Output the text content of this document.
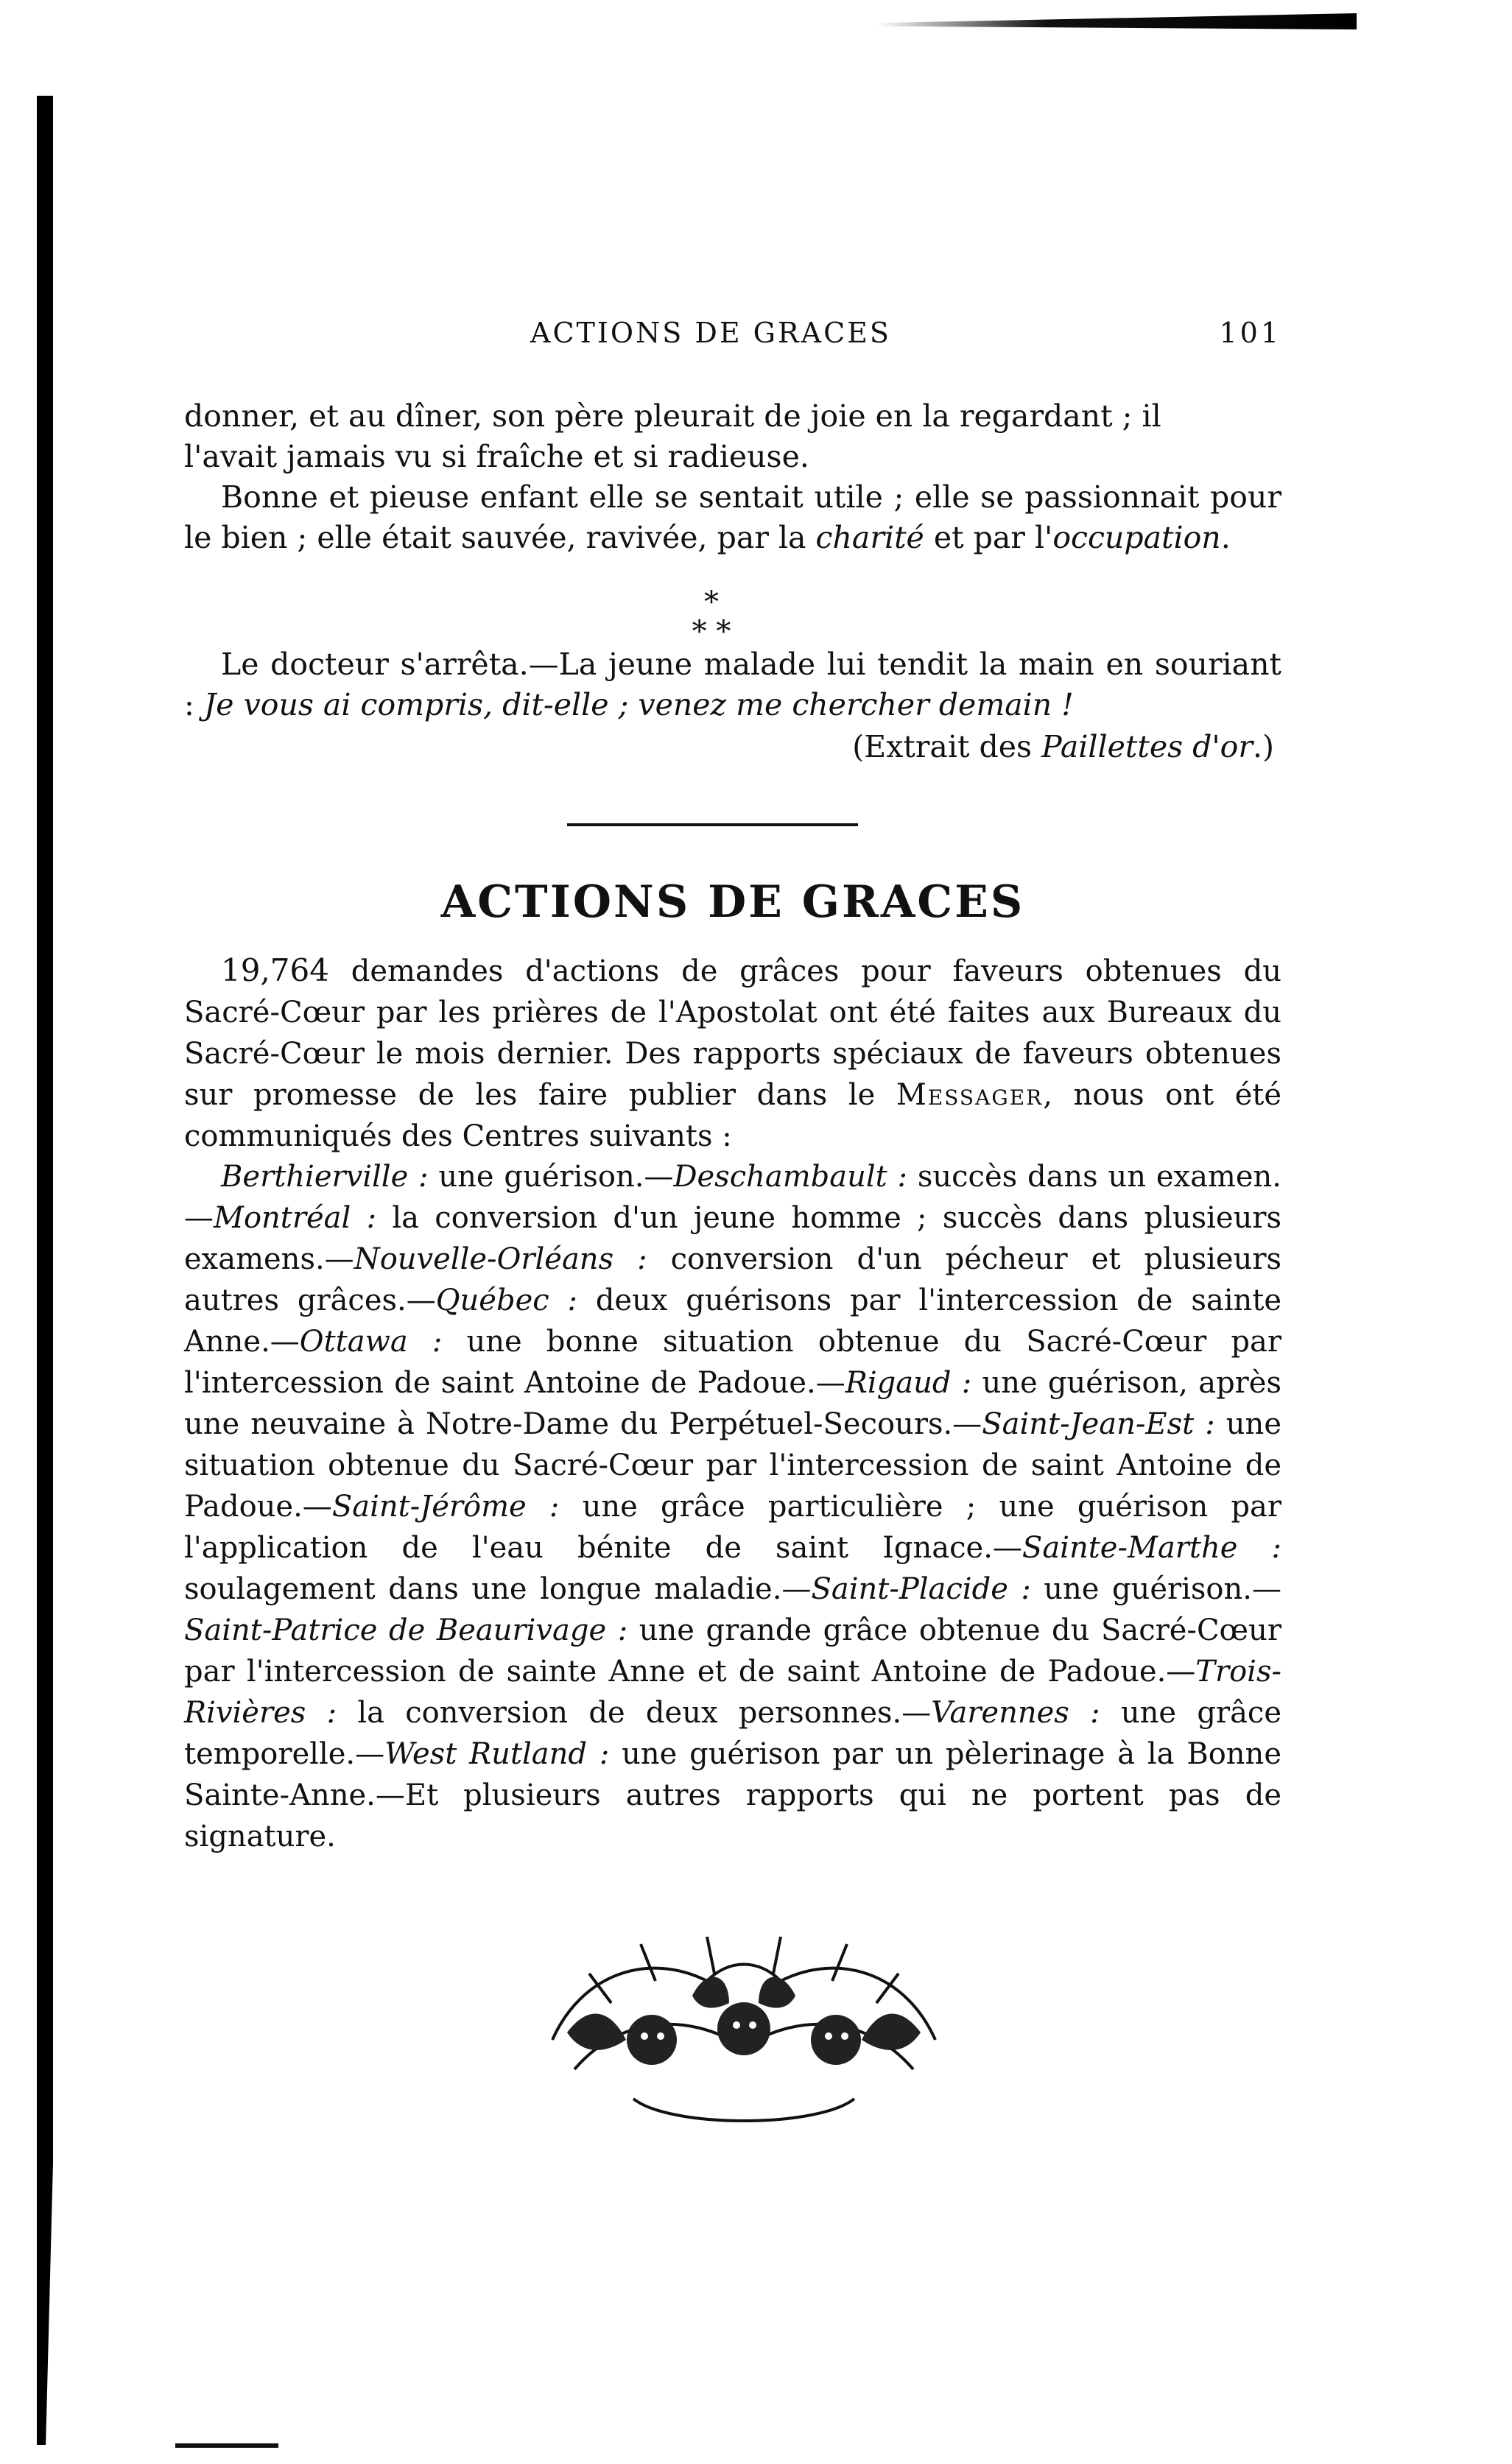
ACTIONS DE GRACES	101
donner, et au dîner, son père pleurait de joie en la regardant ; il
l'avait jamais vu si fraîche et si radieuse.
Bonne et pieuse enfant elle se sentait utile ; elle se passionnait pour le bien ; elle était sauvée, ravivée, par la charité et par l'occupation.
*
* *
Le docteur s'arrêta.—La jeune malade lui tendit la main en souriant : Je vous ai compris, dit-elle ; venez me chercher demain !
(Extrait des Paillettes d'or.)
ACTIONS DE GRACES
19,764 demandes d'actions de grâces pour faveurs obtenues du Sacré-Cœur par les prières de l'Apostolat ont été faites aux Bureaux du Sacré-Cœur le mois dernier. Des rapports spéciaux de faveurs obtenues sur promesse de les faire publier dans le Messager, nous ont été communiqués des Centres suivants :
Berthierville : une guérison.—Deschambault : succès dans un examen.—Montréal : la conversion d'un jeune homme ; succès dans plusieurs examens.—Nouvelle-Orléans : conversion d'un pécheur et plusieurs autres grâces.—Québec : deux guérisons par l'intercession de sainte Anne.—Ottawa : une bonne situation obtenue du Sacré-Cœur par l'intercession de saint Antoine de Padoue.—Rigaud : une guérison, après une neuvaine à Notre-Dame du Perpétuel-Secours.—Saint-Jean-Est : une situation obtenue du Sacré-Cœur par l'intercession de saint Antoine de Padoue.—Saint-Jérôme : une grâce particulière ; une guérison par l'application de l'eau bénite de saint Ignace.—Sainte-Marthe : soulagement dans une longue maladie.—Saint-Placide : une guérison.—Saint-Patrice de Beaurivage : une grande grâce obtenue du Sacré-Cœur par l'intercession de sainte Anne et de saint Antoine de Padoue.—Trois-Rivières : la conversion de deux personnes.—Varennes : une grâce temporelle.—West Rutland : une guérison par un pèlerinage à la Bonne Sainte-Anne.—Et plusieurs autres rapports qui ne portent pas de signature.
